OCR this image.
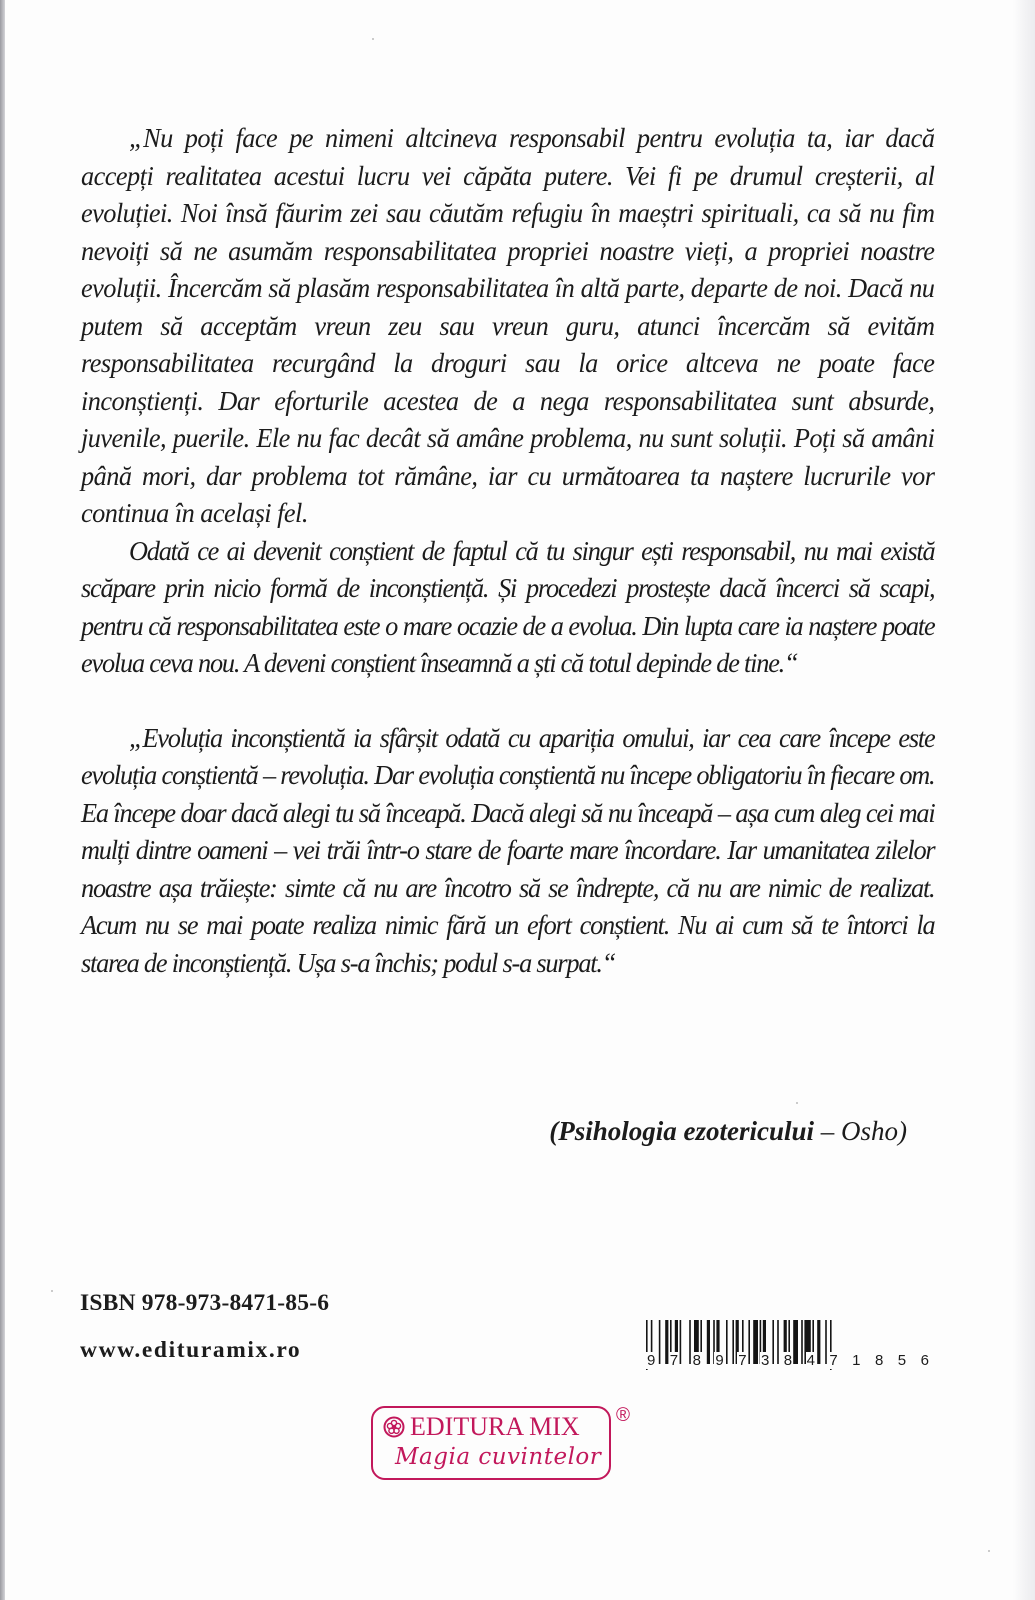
„Nu poți face pe nimeni altcineva responsabil pentru evoluția ta, iar dacă accepți realitatea acestui lucru vei căpăta putere. Vei fi pe drumul creșterii, al evoluției. Noi însă făurim zei sau căutăm refugiu în maeștri spirituali, ca să nu fim nevoiți să ne asumăm responsabilitatea propriei noastre vieți, a propriei noastre evoluții. Încercăm să plasăm responsabilitatea în altă parte, departe de noi. Dacă nu putem să acceptăm vreun zeu sau vreun guru, atunci încercăm să evităm responsabilitatea recurgând la droguri sau la orice altceva ne poate face inconștienți. Dar eforturile acestea de a nega responsabilitatea sunt absurde, juvenile, puerile. Ele nu fac decât să amâne problema, nu sunt soluții. Poți să amâni până mori, dar problema tot rămâne, iar cu următoarea ta naștere lucrurile vor continua în același fel.

Odată ce ai devenit conștient de faptul că tu singur ești responsabil, nu mai există scăpare prin nicio formă de inconștiență. Și procedezi prostește dacă încerci să scapi, pentru că responsabilitatea este o mare ocazie de a evolua. Din lupta care ia naștere poate evolua ceva nou. A deveni conștient înseamnă a ști că totul depinde de tine.“

„Evoluția inconștientă ia sfârșit odată cu apariția omului, iar cea care începe este evoluția conștientă – revoluția. Dar evoluția conștientă nu începe obligatoriu în fiecare om. Ea începe doar dacă alegi tu să înceapă. Dacă alegi să nu înceapă – așa cum aleg cei mai mulți dintre oameni – vei trăi într-o stare de foarte mare încordare. Iar umanitatea zilelor noastre așa trăiește: simte că nu are încotro să se îndrepte, că nu are nimic de realizat. Acum nu se mai poate realiza nimic fără un efort conștient. Nu ai cum să te întorci la starea de inconștiență. Ușa s-a închis; podul s-a surpat.“

(Psihologia ezotericului – Osho)
ISBN 978-973-8471-85-6
www.edituramix.ro	9 7 8 9 7 3 8 4 7 1 8 5 6
EDITURA MIX
Magia cuvintelor
®
